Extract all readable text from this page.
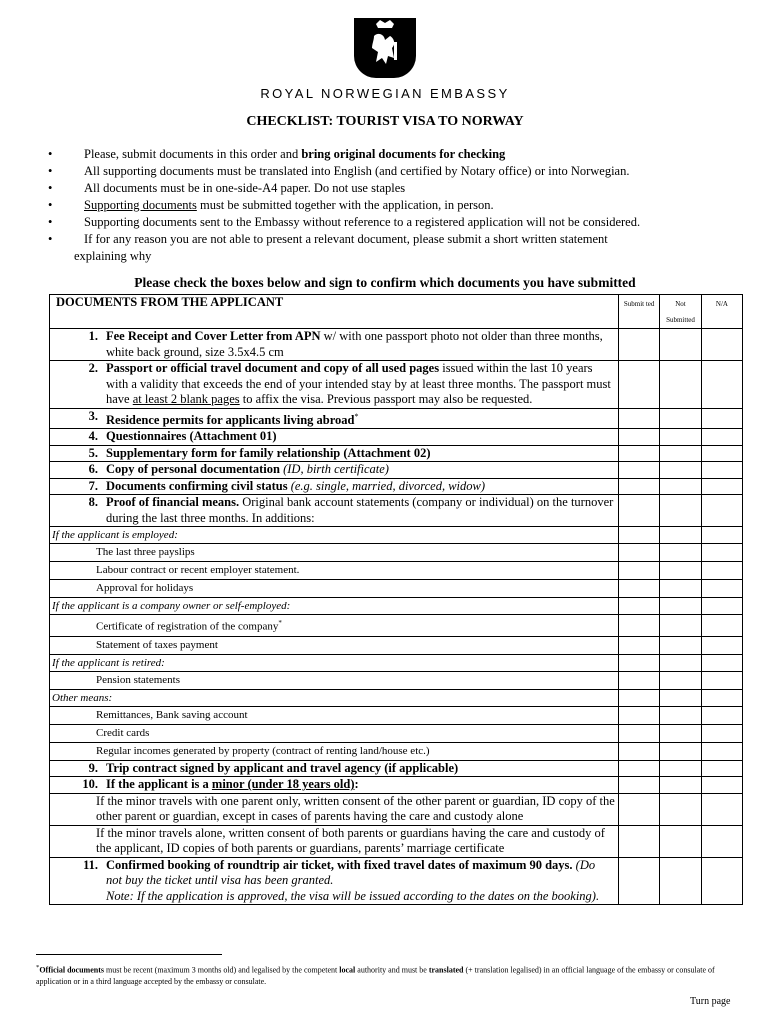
ROYAL NORWEGIAN EMBASSY
CHECKLIST: TOURIST VISA TO NORWAY
•	Please, submit documents in this order and bring original documents for checking
•	All supporting documents must be translated into English (and certified by Notary office) or into Norwegian.
•	All documents must be in one-side-A4 paper. Do not use staples
•	Supporting documents must be submitted together with the application, in person.
•	Supporting documents sent to the Embassy without reference to a registered application will not be considered.
•	If for any reason you are not able to present a relevant document, please submit a short written statement
explaining why
Please check the boxes below and sign to confirm which documents you have submitted
DOCUMENTS FROM THE APPLICANT	Submit ted	Not Submitted	N/A

1. Fee Receipt and Cover Letter from APN w/ with one passport photo not older than three months, white back ground, size 3.5x4.5 cm			

2. Passport or official travel document and copy of all used pages issued within the last 10 years with a validity that exceeds the end of your intended stay by at least three months. The passport must have at least 2 blank pages to affix the visa. Previous passport may also be requested.			

3. Residence permits for applicants living abroad*

4. Questionnaires (Attachment 01)			

5. Supplementary form for family relationship (Attachment 02)			

6. Copy of personal documentation (ID, birth certificate)			

7. Documents confirming civil status (e.g. single, married, divorced, widow)			

8. Proof of financial means. Original bank account statements (company or individual) on the turnover during the last three months. In additions:			

If the applicant is employed:			
The last three payslips			
Labour contract or recent employer statement.			
Approval for holidays			
If the applicant is a company owner or self-employed:			
Certificate of registration of the company*			
Statement of taxes payment			
If the applicant is retired:			
Pension statements			
Other means:			
Remittances, Bank saving account			
Credit cards			
Regular incomes generated by property (contract of renting land/house etc.)			

9. Trip contract signed by applicant and travel agency (if applicable)			

10. If the applicant is a minor (under 18 years old):			

If the minor travels with one parent only, written consent of the other parent or guardian, ID copy of the other parent or guardian, except in cases of parents having the care and custody alone			
If the minor travels alone, written consent of both parents or guardians having the care and custody of the applicant, ID copies of both parents or guardians, parents’ marriage certificate			

11. Confirmed booking of roundtrip air ticket, with fixed travel dates of maximum 90 days. (Do not buy the ticket until visa has been granted.
Note: If the application is approved, the visa will be issued according to the dates on the booking).			

*Official documents must be recent (maximum 3 months old) and legalised by the competent local authority and must be translated (+ translation legalised) in an official language of the embassy or consulate of application or in a third language accepted by the embassy or consulate.
Turn page
